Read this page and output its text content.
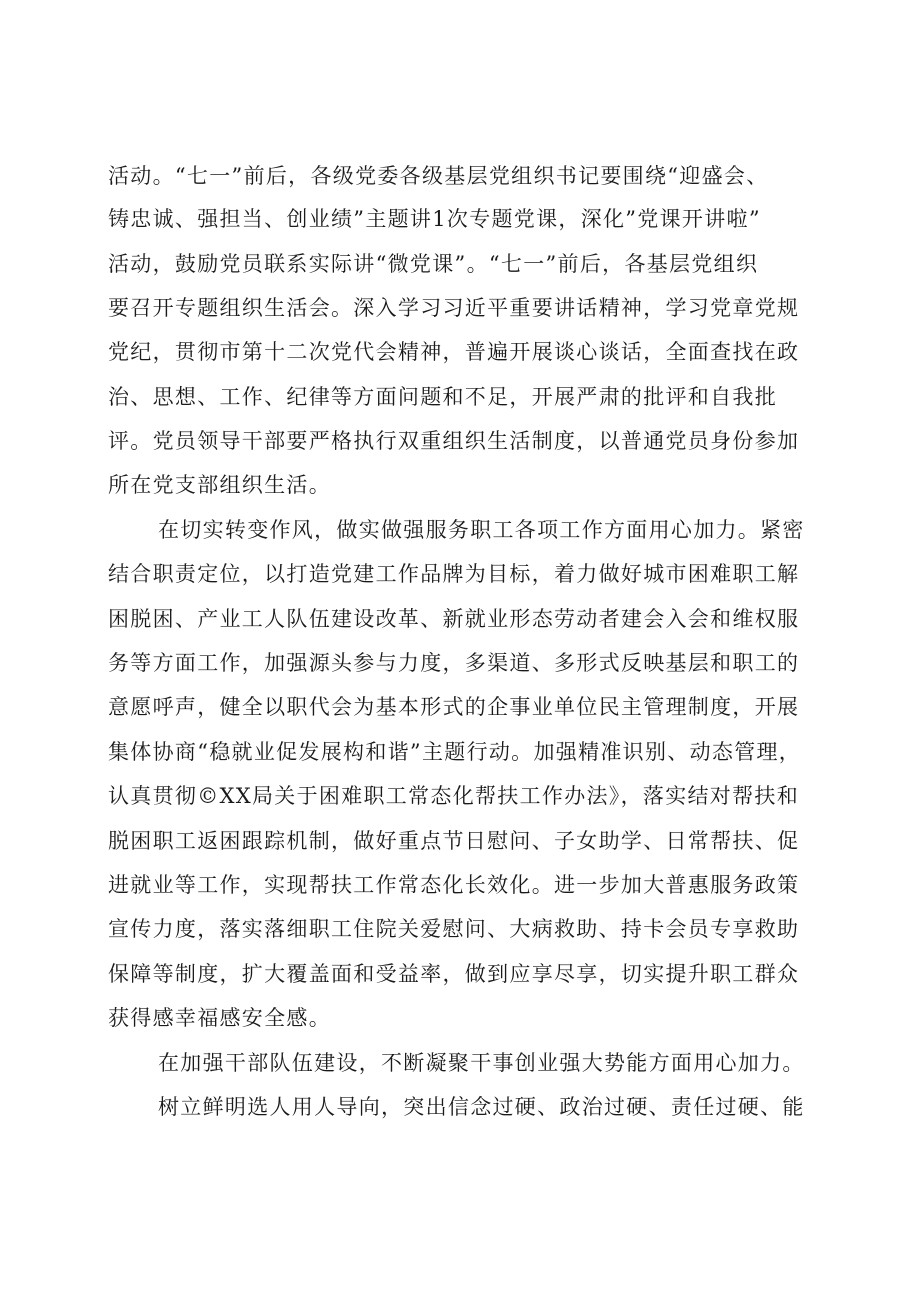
活动。“七一”前后，各级党委各级基层党组织书记要围绕“迎盛会、
铸忠诚、强担当、创业绩”主题讲1次专题党课，深化”党课开讲啦”
活动，鼓励党员联系实际讲“微党课”。“七一”前后，各基层党组织
要召开专题组织生活会。深入学习习近平重要讲话精神，学习党章党规
党纪，贯彻市第十二次党代会精神，普遍开展谈心谈话，全面查找在政
治、思想、工作、纪律等方面问题和不足，开展严肃的批评和自我批
评。党员领导干部要严格执行双重组织生活制度，以普通党员身份参加
所在党支部组织生活。
在切实转变作风，做实做强服务职工各项工作方面用心加力。紧密
结合职责定位，以打造党建工作品牌为目标，着力做好城市困难职工解
困脱困、产业工人队伍建设改革、新就业形态劳动者建会入会和维权服
务等方面工作，加强源头参与力度，多渠道、多形式反映基层和职工的
意愿呼声，健全以职代会为基本形式的企事业单位民主管理制度，开展
集体协商“稳就业促发展构和谐”主题行动。加强精准识别、动态管理，
认真贯彻©XX局关于困难职工常态化帮扶工作办法》，落实结对帮扶和
脱困职工返困跟踪机制，做好重点节日慰问、子女助学、日常帮扶、促
进就业等工作，实现帮扶工作常态化长效化。进一步加大普惠服务政策
宣传力度，落实落细职工住院关爱慰问、大病救助、持卡会员专享救助
保障等制度，扩大覆盖面和受益率，做到应享尽享，切实提升职工群众
获得感幸福感安全感。
在加强干部队伍建设，不断凝聚干事创业强大势能方面用心加力。
树立鲜明选人用人导向，突出信念过硬、政治过硬、责任过硬、能
